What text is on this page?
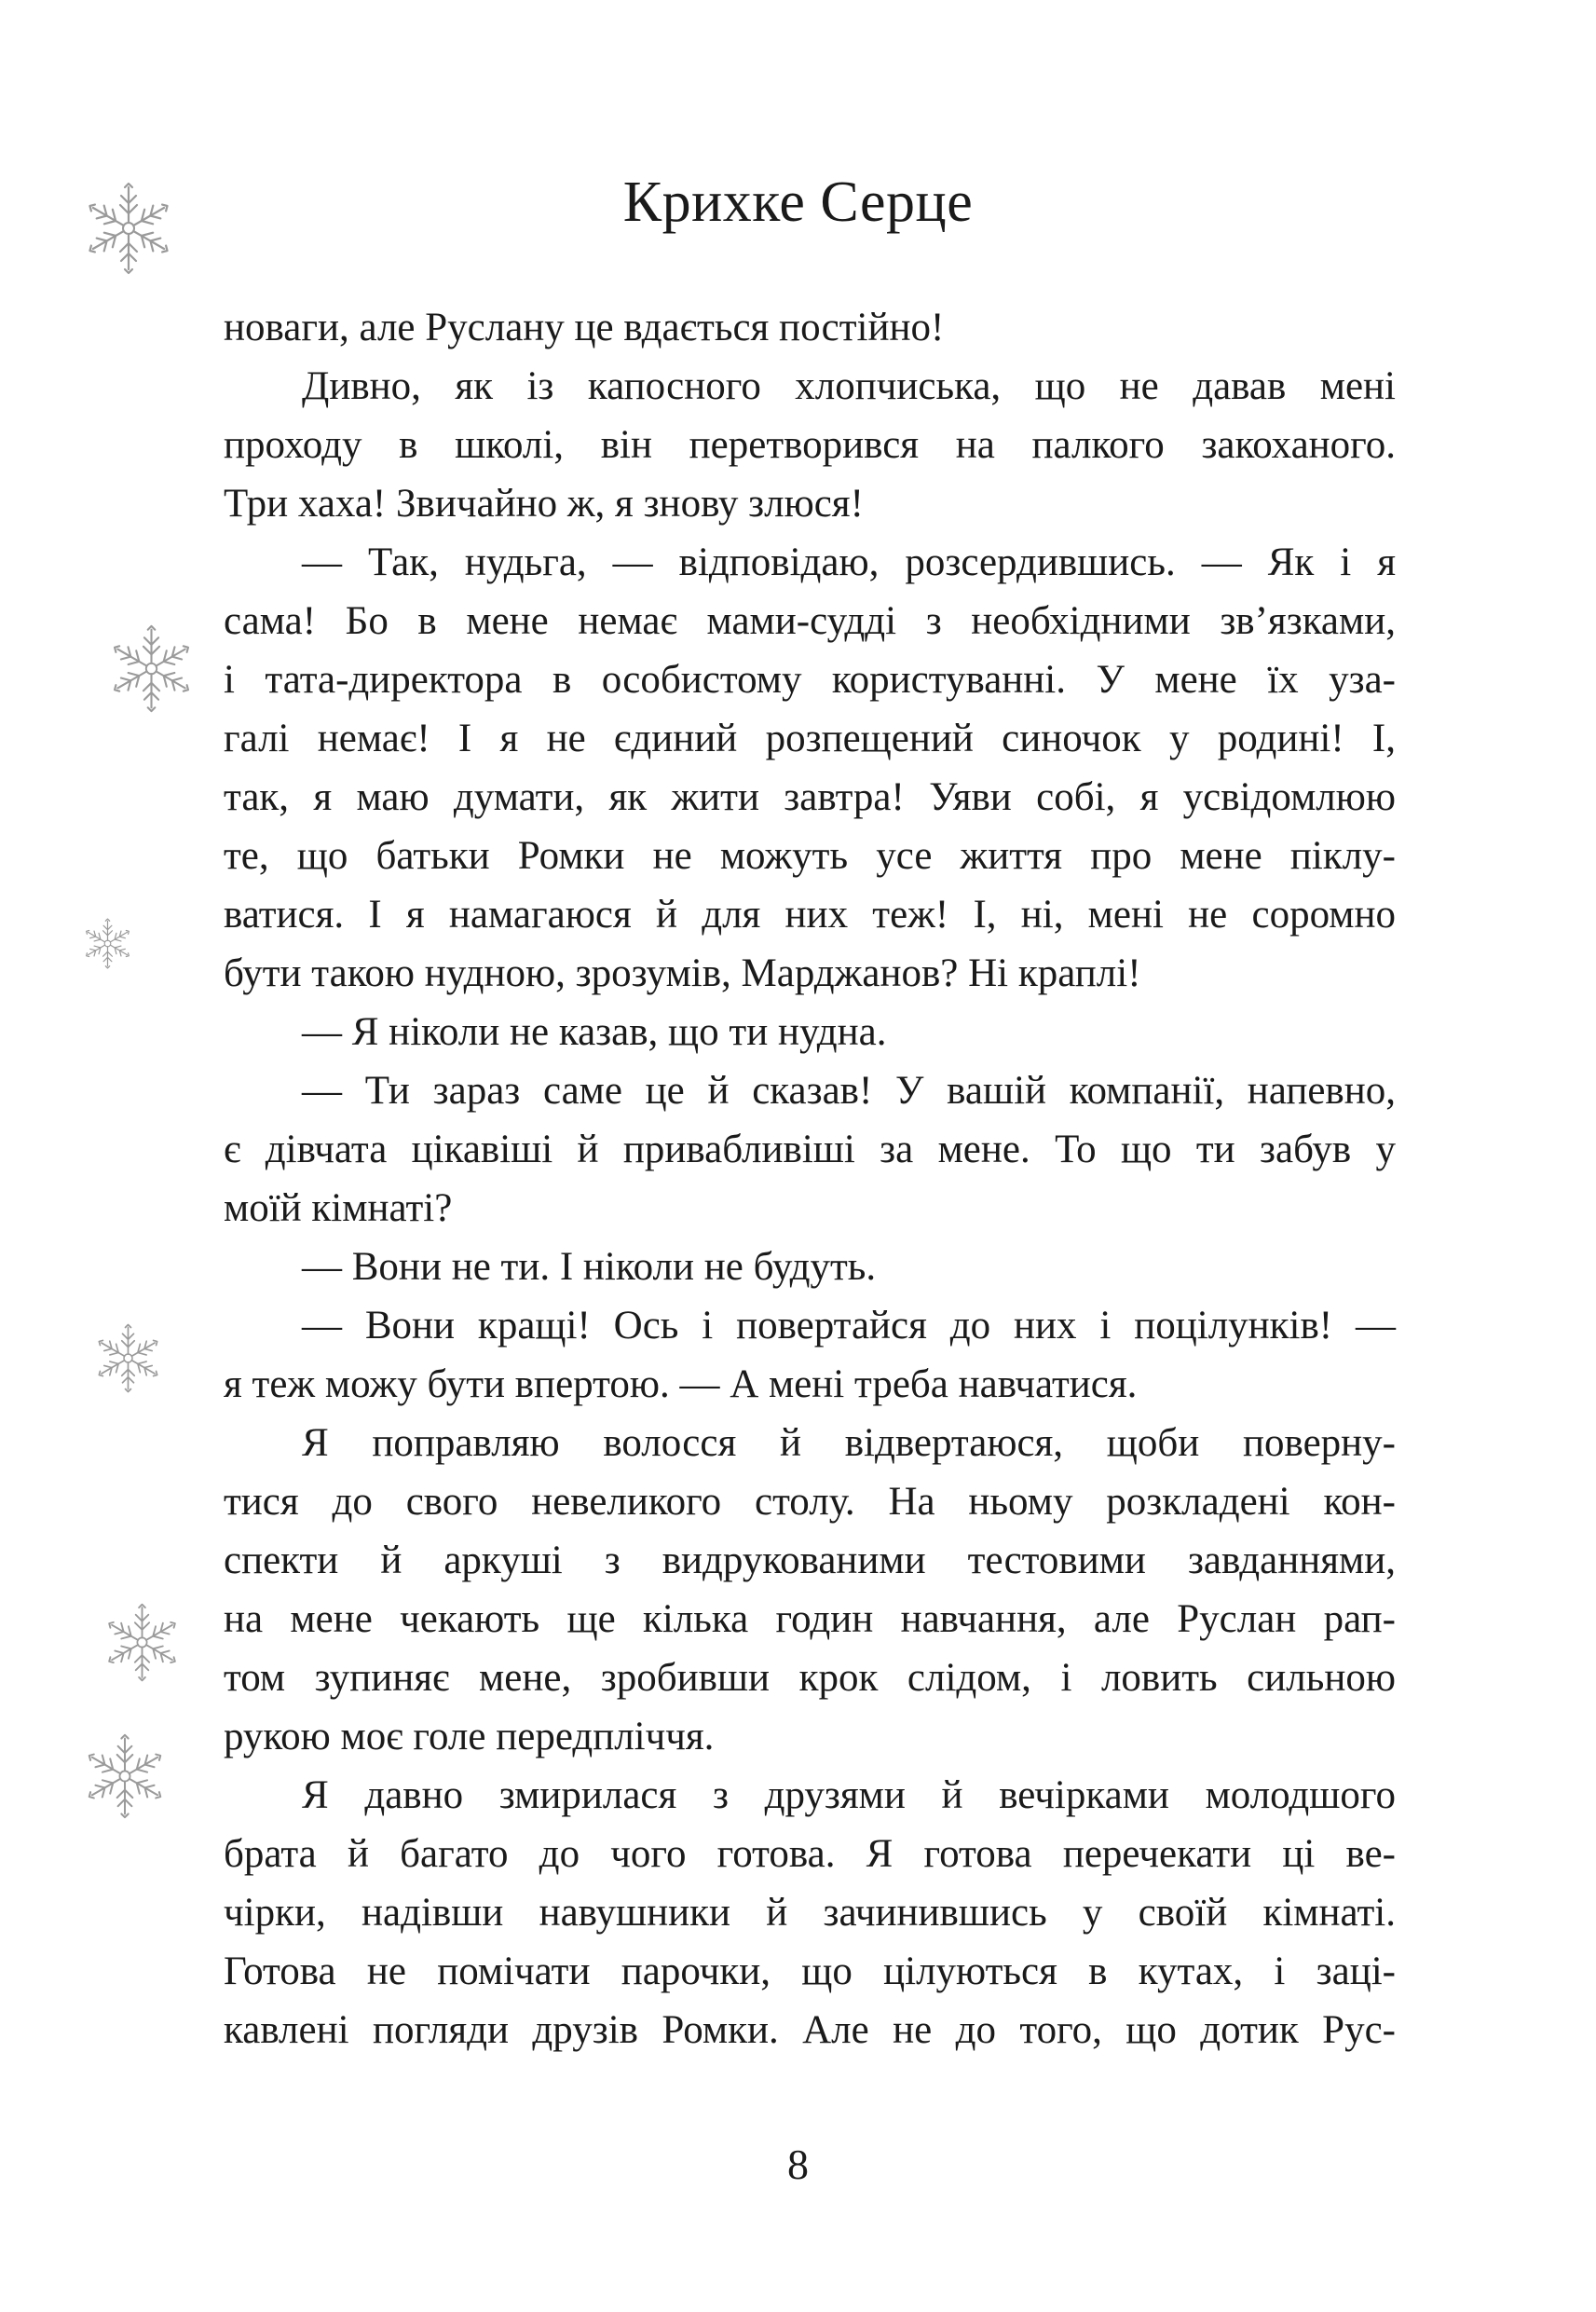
Крихке Серце
новаги, але Руслану це вдається постійно!
Дивно, як із капосного хлопчиська, що не давав мені
проходу в школі, він перетворився на палкого закоханого.
Три хаха! Звичайно ж, я знову злюся!
— Так, нудьга, — відповідаю, розсердившись. — Як і я
сама! Бо в мене немає мами-судді з необхідними зв’язками,
і тата-директора в особистому користуванні. У мене їх уза-
галі немає! І я не єдиний розпещений синочок у родині! І,
так, я маю думати, як жити завтра! Уяви собі, я усвідомлюю
те, що батьки Ромки не можуть усе життя про мене піклу-
ватися. І я намагаюся й для них теж! І, ні, мені не соромно
бути такою нудною, зрозумів, Марджанов? Ні краплі!
— Я ніколи не казав, що ти нудна.
— Ти зараз саме це й сказав! У вашій компанії, напевно,
є дівчата цікавіші й привабливіші за мене. То що ти забув у
моїй кімнаті?
— Вони не ти. І ніколи не будуть.
— Вони кращі! Ось і повертайся до них і поцілунків! —
я теж можу бути впертою. — А мені треба навчатися.
Я поправляю волосся й відвертаюся, щоби поверну-
тися до свого невеликого столу. На ньому розкладені кон-
спекти й аркуші з видрукованими тестовими завданнями,
на мене чекають ще кілька годин навчання, але Руслан рап-
том зупиняє мене, зробивши крок слідом, і ловить сильною
рукою моє голе передпліччя.
Я давно змирилася з друзями й вечірками молодшого
брата й багато до чого готова. Я готова перечекати ці ве-
чірки, надівши навушники й зачинившись у своїй кімнаті.
Готова не помічати парочки, що цілуються в кутах, і заці-
кавлені погляди друзів Ромки. Але не до того, що дотик Рус-
8
